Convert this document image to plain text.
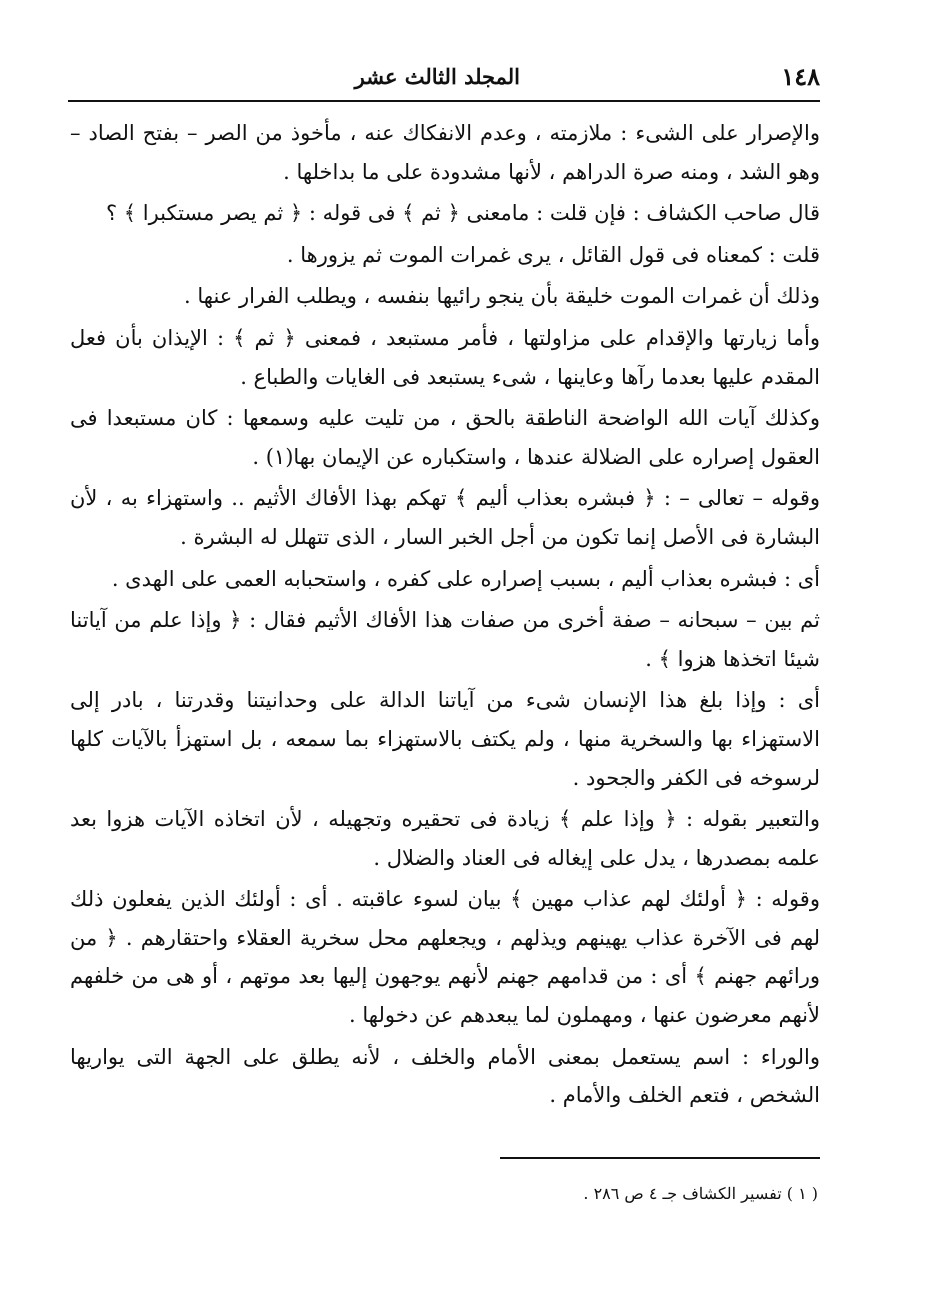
١٤٨
المجلد الثالث عشر

والإصرار على الشىء : ملازمته ، وعدم الانفكاك عنه ، مأخوذ من الصر – بفتح الصاد – وهو الشد ، ومنه صرة الدراهم ، لأنها مشدودة على ما بداخلها .

قال صاحب الكشاف : فإن قلت : مامعنى ﴿ ثم ﴾ فى قوله : ﴿ ثم يصر مستكبرا ﴾ ؟

قلت : كمعناه فى قول القائل ، يرى غمرات الموت ثم يزورها .

وذلك أن غمرات الموت خليقة بأن ينجو رائيها بنفسه ، ويطلب الفرار عنها .

وأما زيارتها والإقدام على مزاولتها ، فأمر مستبعد ، فمعنى ﴿ ثم ﴾ : الإيذان بأن فعل المقدم عليها بعدما رآها وعاينها ، شىء يستبعد فى الغايات والطباع .

وكذلك آيات الله الواضحة الناطقة بالحق ، من تليت عليه وسمعها : كان مستبعدا فى العقول إصراره على الضلالة عندها ، واستكباره عن الإيمان بها(١) .

وقوله – تعالى – : ﴿ فبشره بعذاب أليم ﴾ تهكم بهذا الأفاك الأثيم .. واستهزاء به ، لأن البشارة فى الأصل إنما تكون من أجل الخبر السار ، الذى تتهلل له البشرة .

أى : فبشره بعذاب أليم ، بسبب إصراره على كفره ، واستحبابه العمى على الهدى .

ثم بين – سبحانه – صفة أخرى من صفات هذا الأفاك الأثيم فقال : ﴿ وإذا علم من آياتنا شيئا اتخذها هزوا ﴾ .

أى : وإذا بلغ هذا الإنسان شىء من آياتنا الدالة على وحدانيتنا وقدرتنا ، بادر إلى الاستهزاء بها والسخرية منها ، ولم يكتف بالاستهزاء بما سمعه ، بل استهزأ بالآيات كلها لرسوخه فى الكفر والجحود .

والتعبير بقوله : ﴿ وإذا علم ﴾ زيادة فى تحقيره وتجهيله ، لأن اتخاذه الآيات هزوا بعد علمه بمصدرها ، يدل على إيغاله فى العناد والضلال .

وقوله : ﴿ أولئك لهم عذاب مهين ﴾ بيان لسوء عاقبته . أى : أولئك الذين يفعلون ذلك لهم فى الآخرة عذاب يهينهم ويذلهم ، ويجعلهم محل سخرية العقلاء واحتقارهم . ﴿ من ورائهم جهنم ﴾ أى : من قدامهم جهنم لأنهم يوجهون إليها بعد موتهم ، أو هى من خلفهم لأنهم معرضون عنها ، ومهملون لما يبعدهم عن دخولها .

والوراء : اسم يستعمل بمعنى الأمام والخلف ، لأنه يطلق على الجهة التى يواريها الشخص ، فتعم الخلف والأمام .

( ١ ) تفسير الكشاف جـ ٤ ص ٢٨٦ .
